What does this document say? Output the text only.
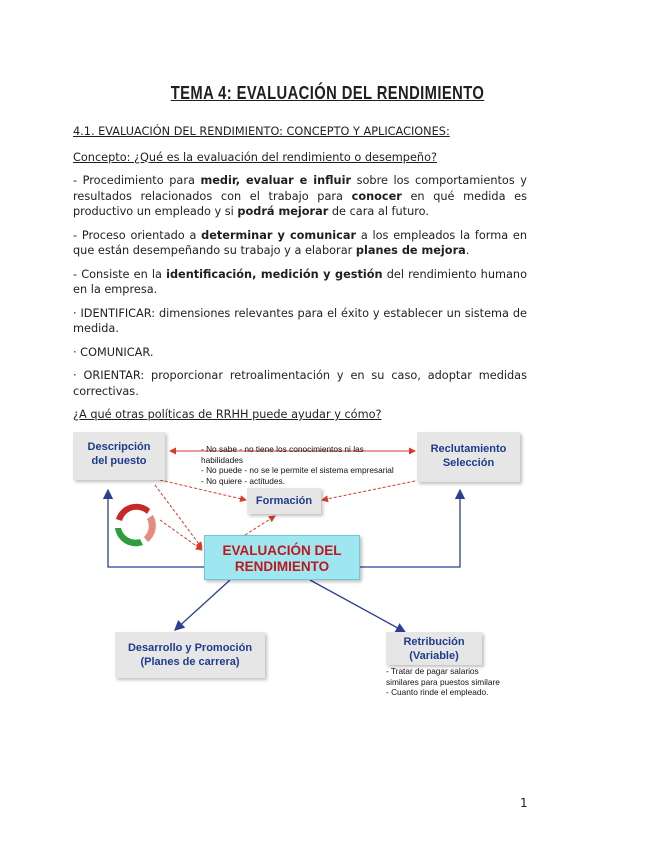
TEMA 4: EVALUACIÓN DEL RENDIMIENTO

4.1. EVALUACIÓN DEL RENDIMIENTO: CONCEPTO Y APLICACIONES:

Concepto: ¿Qué es la evaluación del rendimiento o desempeño?

- Procedimiento para medir, evaluar e influir sobre los comportamientos y resultados relacionados con el trabajo para conocer en qué medida es productivo un empleado y si podrá mejorar de cara al futuro.

- Proceso orientado a determinar y comunicar a los empleados la forma en que están desempeñando su trabajo y a elaborar planes de mejora.

- Consiste en la identificación, medición y gestión del rendimiento humano en la empresa.

· IDENTIFICAR: dimensiones relevantes para el éxito y establecer un sistema de medida.

· COMUNICAR.

· ORIENTAR: proporcionar retroalimentación y en su caso, adoptar medidas correctivas.

¿A qué otras políticas de RRHH puede ayudar y cómo?

Descripción
del puesto
Reclutamiento
Selección
Formación
EVALUACIÓN DEL
RENDIMIENTO
Desarrollo y Promoción
(Planes de carrera)
Retribución
(Variable)
- No sabe - no tiene los conocimientos ni las
habilidades
- No puede - no se le permite el sistema empresarial
- No quiere - actitudes.
- Tratar de pagar salarios
similares para puestos similare
- Cuanto rinde el empleado.
1
